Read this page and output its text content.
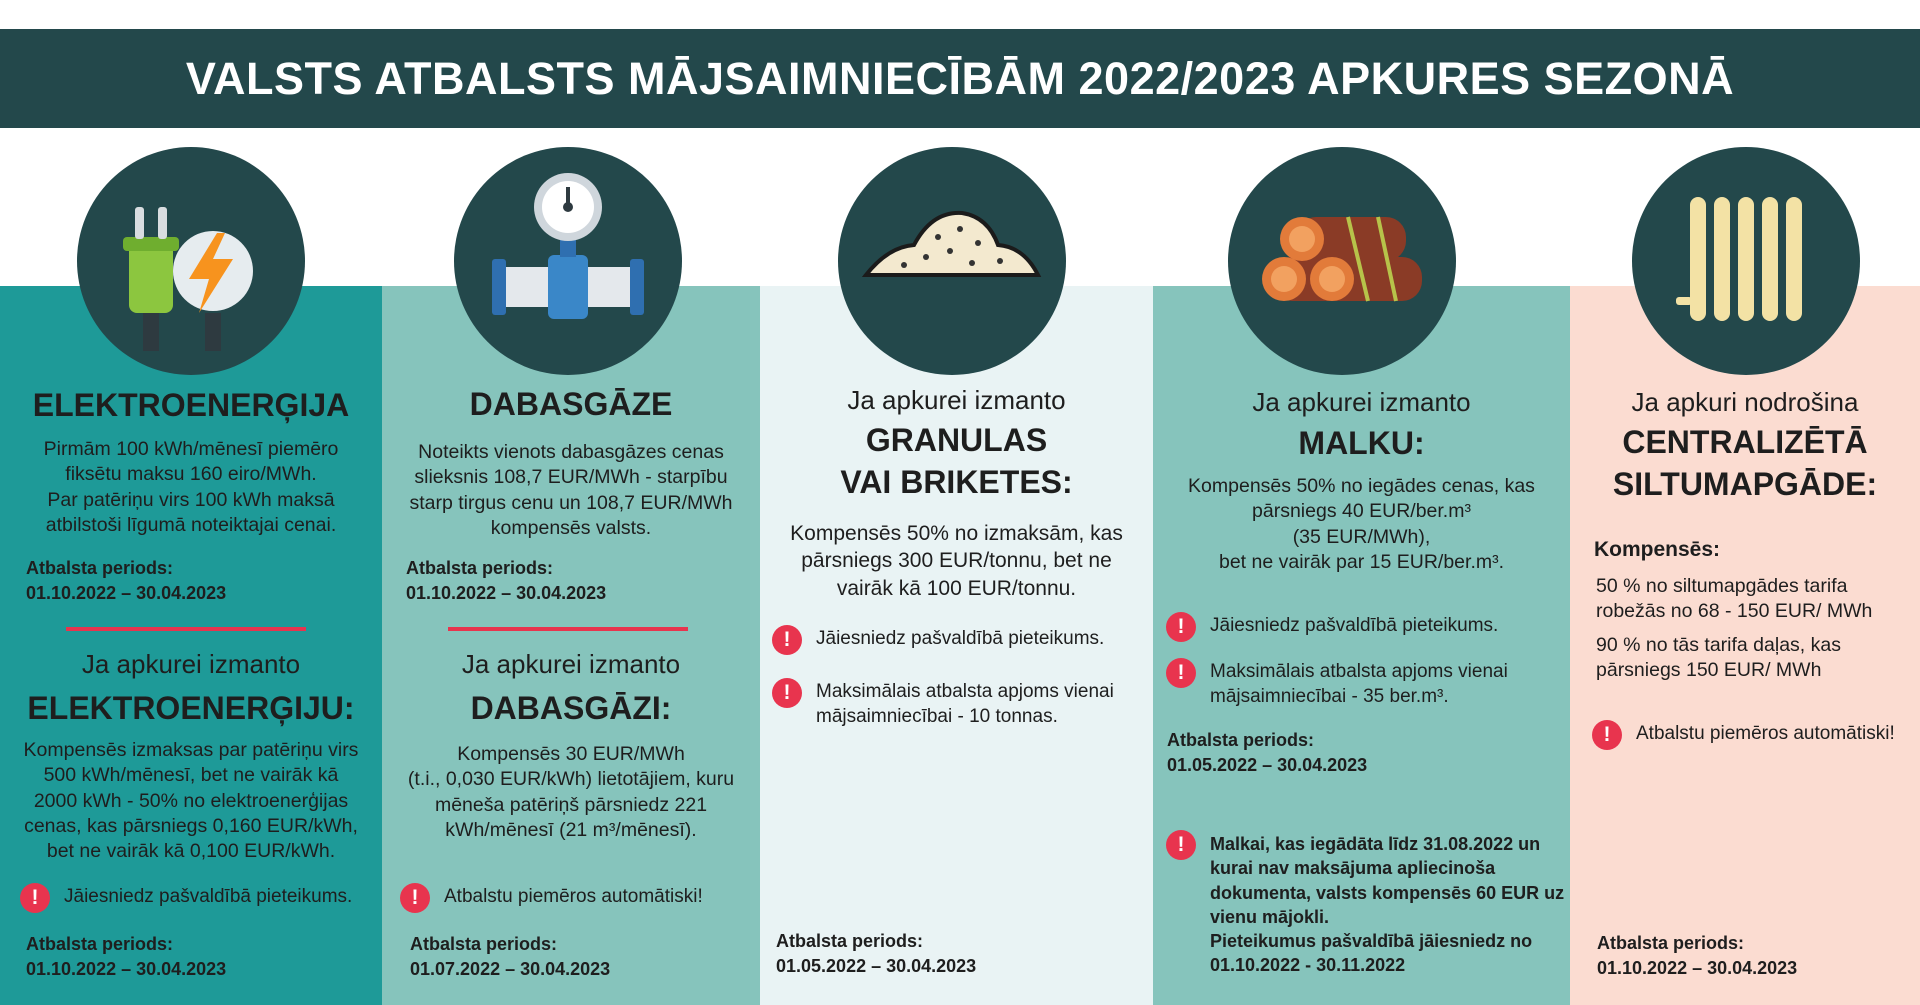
VALSTS ATBALSTS MĀJSAIMNIECĪBĀM 2022/2023 APKURES SEZONĀ
ELEKTROENERĢIJA
Pirmām 100 kWh/mēnesī piemēro fiksētu maksu 160 eiro/MWh.
Par patēriņu virs 100 kWh maksā atbilstoši līgumā noteiktajai cenai.
Atbalsta periods:
01.10.2022 – 30.04.2023
Ja apkurei izmanto
ELEKTROENERĢIJU:
Kompensēs izmaksas par patēriņu virs 500 kWh/mēnesī, bet ne vairāk kā 2000 kWh - 50% no elektroenerģijas cenas, kas pārsniegs 0,160 EUR/kWh, bet ne vairāk kā 0,100 EUR/kWh.
!	Jāiesniedz pašvaldībā pieteikums.
Atbalsta periods:
01.10.2022 – 30.04.2023
DABASGĀZE
Noteikts vienots dabasgāzes cenas slieksnis 108,7 EUR/MWh - starpību starp tirgus cenu un 108,7 EUR/MWh kompensēs valsts.
Atbalsta periods:
01.10.2022 – 30.04.2023
Ja apkurei izmanto
DABASGĀZI:
Kompensēs 30 EUR/MWh
(t.i., 0,030 EUR/kWh) lietotājiem, kuru mēneša patēriņš pārsniedz 221 kWh/mēnesī (21 m³/mēnesī).
!	Atbalstu piemēros automātiski!
Atbalsta periods:
01.07.2022 – 30.04.2023
Ja apkurei izmanto
GRANULAS
VAI BRIKETES:
Kompensēs 50% no izmaksām, kas pārsniegs 300 EUR/tonnu, bet ne vairāk kā 100 EUR/tonnu.
!	Jāiesniedz pašvaldībā pieteikums.
!	Maksimālais atbalsta apjoms vienai mājsaimniecībai - 10 tonnas.
Atbalsta periods:
01.05.2022 – 30.04.2023
Ja apkurei izmanto
MALKU:
Kompensēs 50% no iegādes cenas, kas pārsniegs 40 EUR/ber.m³
(35 EUR/MWh),
bet ne vairāk par 15 EUR/ber.m³.
!	Jāiesniedz pašvaldībā pieteikums.
!	Maksimālais atbalsta apjoms vienai mājsaimniecībai - 35 ber.m³.
Atbalsta periods:
01.05.2022 – 30.04.2023
!	Malkai, kas iegādāta līdz 31.08.2022 un kurai nav maksājuma apliecinoša dokumenta, valsts kompensēs 60 EUR uz vienu mājokli.
Pieteikumus pašvaldībā jāiesniedz no 01.10.2022 - 30.11.2022
Ja apkuri nodrošina
CENTRALIZĒTĀ
SILTUMAPGĀDE:
Kompensēs:
50 % no siltumapgādes tarifa robežās no 68 - 150 EUR/ MWh
90 % no tās tarifa daļas, kas pārsniegs 150 EUR/ MWh
!	Atbalstu piemēros automātiski!
Atbalsta periods:
01.10.2022 – 30.04.2023
